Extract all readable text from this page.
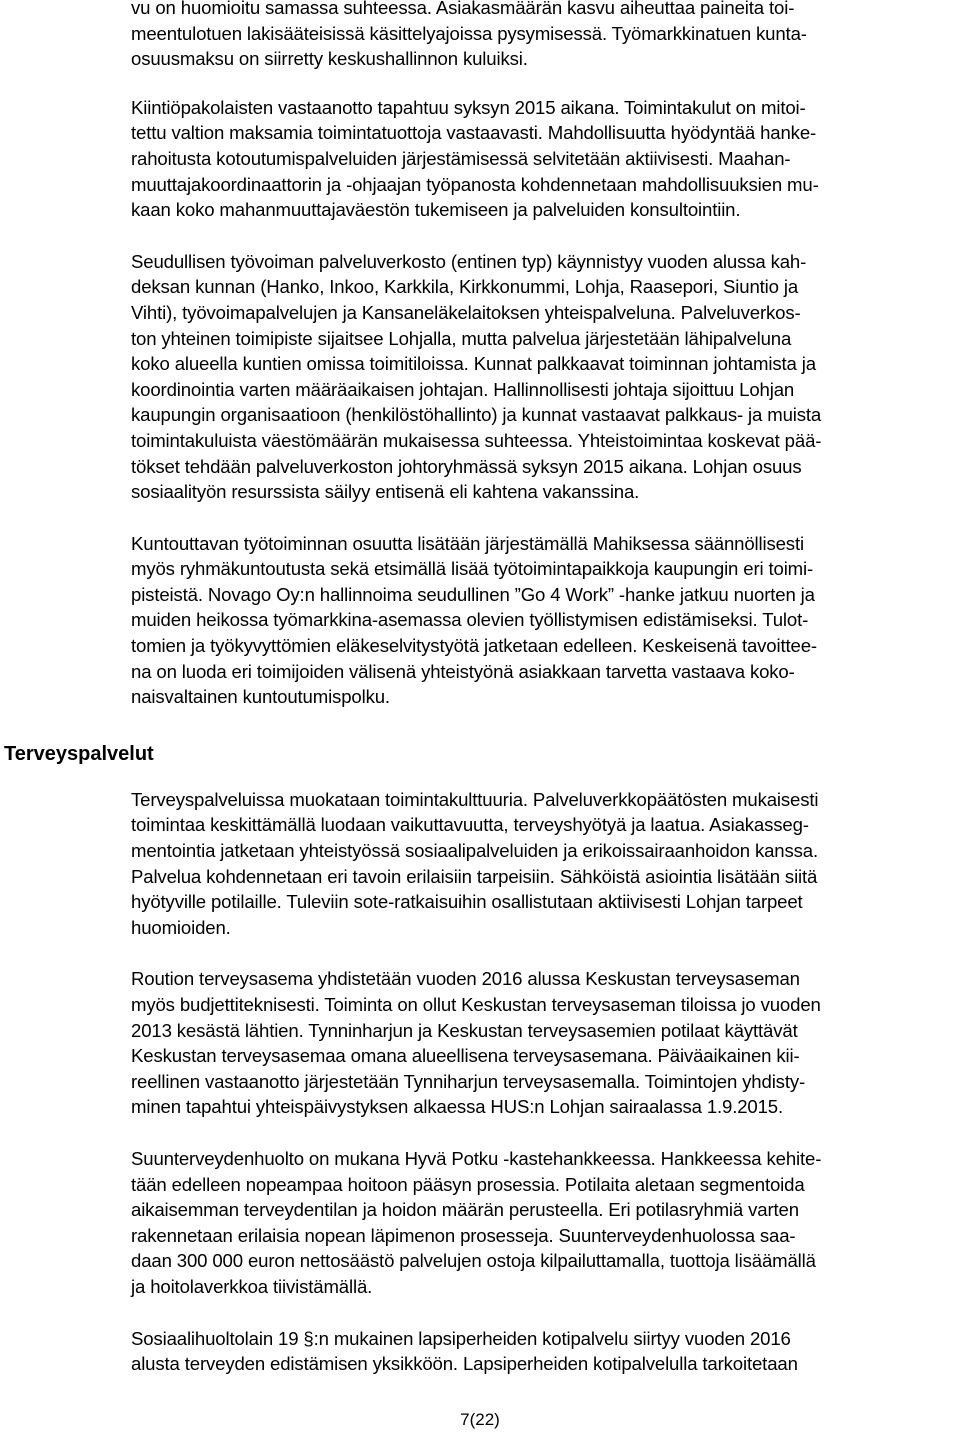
Terveyspalvelut
vu on huomioitu samassa suhteessa. Asiakasmäärän kasvu aiheuttaa paineita toi-
meentulotuen lakisääteisissä käsittelyajoissa pysymisessä. Työmarkkinatuen kunta-
osuusmaksu on siirretty keskushallinnon kuluiksi.
Kiintiöpakolaisten vastaanotto tapahtuu syksyn 2015 aikana. Toimintakulut on mitoi-
tettu valtion maksamia toimintatuottoja vastaavasti. Mahdollisuutta hyödyntää hanke-
rahoitusta kotoutumispalveluiden järjestämisessä selvitetään aktiivisesti. Maahan-
muuttajakoordinaattorin ja -ohjaajan työpanosta kohdennetaan mahdollisuuksien mu-
kaan koko mahanmuuttajaväestön tukemiseen ja palveluiden konsultointiin.
Seudullisen työvoiman palveluverkosto (entinen typ) käynnistyy vuoden alussa kah-
deksan kunnan (Hanko, Inkoo, Karkkila, Kirkkonummi, Lohja, Raasepori, Siuntio ja
Vihti), työvoimapalvelujen ja Kansaneläkelaitoksen yhteispalveluna. Palveluverkos-
ton yhteinen toimipiste sijaitsee Lohjalla, mutta palvelua järjestetään lähipalveluna
koko alueella kuntien omissa toimitiloissa. Kunnat palkkaavat toiminnan johtamista ja
koordinointia varten määräaikaisen johtajan. Hallinnollisesti johtaja sijoittuu Lohjan
kaupungin organisaatioon (henkilöstöhallinto) ja kunnat vastaavat palkkaus- ja muista
toimintakuluista väestömäärän mukaisessa suhteessa. Yhteistoimintaa koskevat pää-
tökset tehdään palveluverkoston johtoryhmässä syksyn 2015 aikana. Lohjan osuus
sosiaalityön resurssista säilyy entisenä eli kahtena vakanssina.
Kuntouttavan työtoiminnan osuutta lisätään järjestämällä Mahiksessa säännöllisesti
myös ryhmäkuntoutusta sekä etsimällä lisää työtoimintapaikkoja kaupungin eri toimi-
pisteistä. Novago Oy:n hallinnoima seudullinen ”Go 4 Work” -hanke jatkuu nuorten ja
muiden heikossa työmarkkina-asemassa olevien työllistymisen edistämiseksi. Tulot-
tomien ja työkyvyttömien eläkeselvitystyötä jatketaan edelleen. Keskeisenä tavoittee-
na on luoda eri toimijoiden välisenä yhteistyönä asiakkaan tarvetta vastaava koko-
naisvaltainen kuntoutumispolku.
Terveyspalveluissa muokataan toimintakulttuuria. Palveluverkkopäätösten mukaisesti
toimintaa keskittämällä luodaan vaikuttavuutta, terveyshyötyä ja laatua. Asiakasseg-
mentointia jatketaan yhteistyössä sosiaalipalveluiden ja erikoissairaanhoidon kanssa.
Palvelua kohdennetaan eri tavoin erilaisiin tarpeisiin. Sähköistä asiointia lisätään siitä
hyötyville potilaille. Tuleviin sote-ratkaisuihin osallistutaan aktiivisesti Lohjan tarpeet
huomioiden.
Roution terveysasema yhdistetään vuoden 2016 alussa Keskustan terveysaseman
myös budjettiteknisesti. Toiminta on ollut Keskustan terveysaseman tiloissa jo vuoden
2013 kesästä lähtien. Tynninharjun ja Keskustan terveysasemien potilaat käyttävät
Keskustan terveysasemaa omana alueellisena terveysasemana. Päiväaikainen kii-
reellinen vastaanotto järjestetään Tynniharjun terveysasemalla. Toimintojen yhdisty-
minen tapahtui yhteispäivystyksen alkaessa HUS:n Lohjan sairaalassa 1.9.2015.
Suunterveydenhuolto on mukana Hyvä Potku -kastehankkeessa. Hankkeessa kehite-
tään edelleen nopeampaa hoitoon pääsyn prosessia. Potilaita aletaan segmentoida
aikaisemman terveydentilan ja hoidon määrän perusteella. Eri potilasryhmiä varten
rakennetaan erilaisia nopean läpimenon prosesseja. Suunterveydenhuolossa saa-
daan 300 000 euron nettosäästö palvelujen ostoja kilpailuttamalla, tuottoja lisäämällä
ja hoitolaverkkoa tiivistämällä.
Sosiaalihuoltolain 19 §:n mukainen lapsiperheiden kotipalvelu siirtyy vuoden 2016
alusta terveyden edistämisen yksikköön. Lapsiperheiden kotipalvelulla tarkoitetaan
7(22)
